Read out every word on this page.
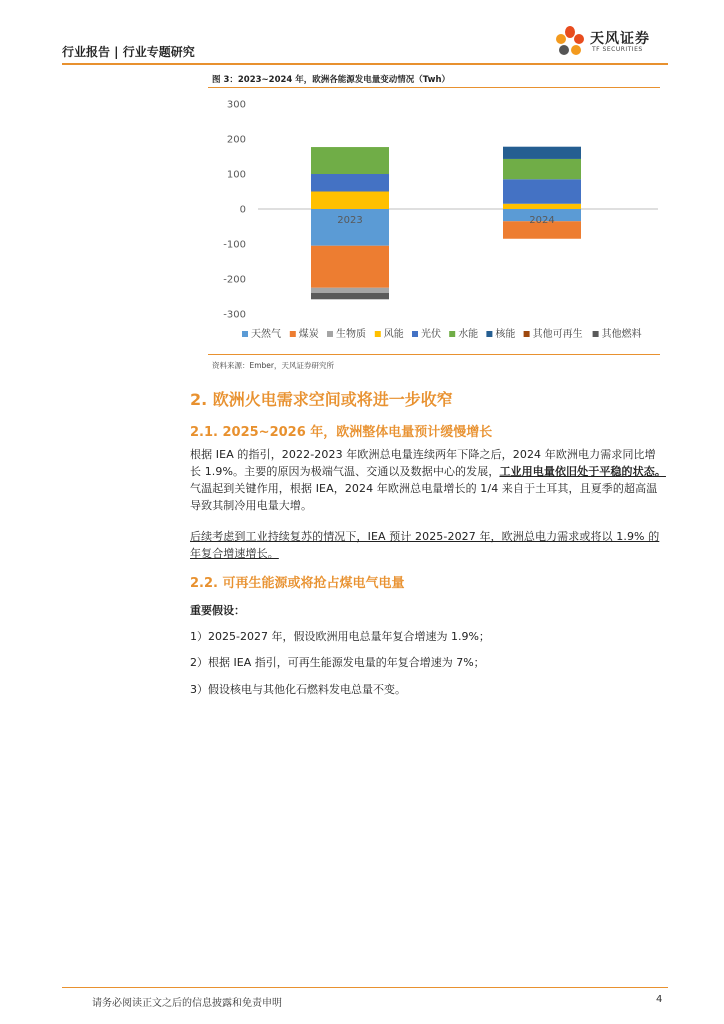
行业报告 | 行业专题研究
天风证券
TF SECURITIES
图 3：2023~2024 年，欧洲各能源发电量变动情况（Twh）
300
200
100
0
-100
-200
-300
2023	2024
天然气 煤炭 生物质 风能 光伏 水能 核能 其他可再生 其他燃料
资料来源：Ember，天风证券研究所
2. 欧洲火电需求空间或将进一步收窄
2.1. 2025~2026 年，欧洲整体电量预计缓慢增长
根据 IEA 的指引，2022-2023 年欧洲总电量连续两年下降之后，2024 年欧洲电力需求同比增长 1.9%。主要的原因为极端气温、交通以及数据中心的发展，工业用电量依旧处于平稳的状态。气温起到关键作用，根据 IEA，2024 年欧洲总电量增长的 1/4 来自于土耳其，且夏季的超高温导致其制冷用电量大增。
后续考虑到工业持续复苏的情况下，IEA 预计 2025-2027 年，欧洲总电力需求或将以 1.9% 的年复合增速增长。
2.2. 可再生能源或将抢占煤电气电量
重要假设：
1）2025-2027 年，假设欧洲用电总量年复合增速为 1.9%；
2）根据 IEA 指引，可再生能源发电量的年复合增速为 7%；
3）假设核电与其他化石燃料发电总量不变。
请务必阅读正文之后的信息披露和免责申明	4
